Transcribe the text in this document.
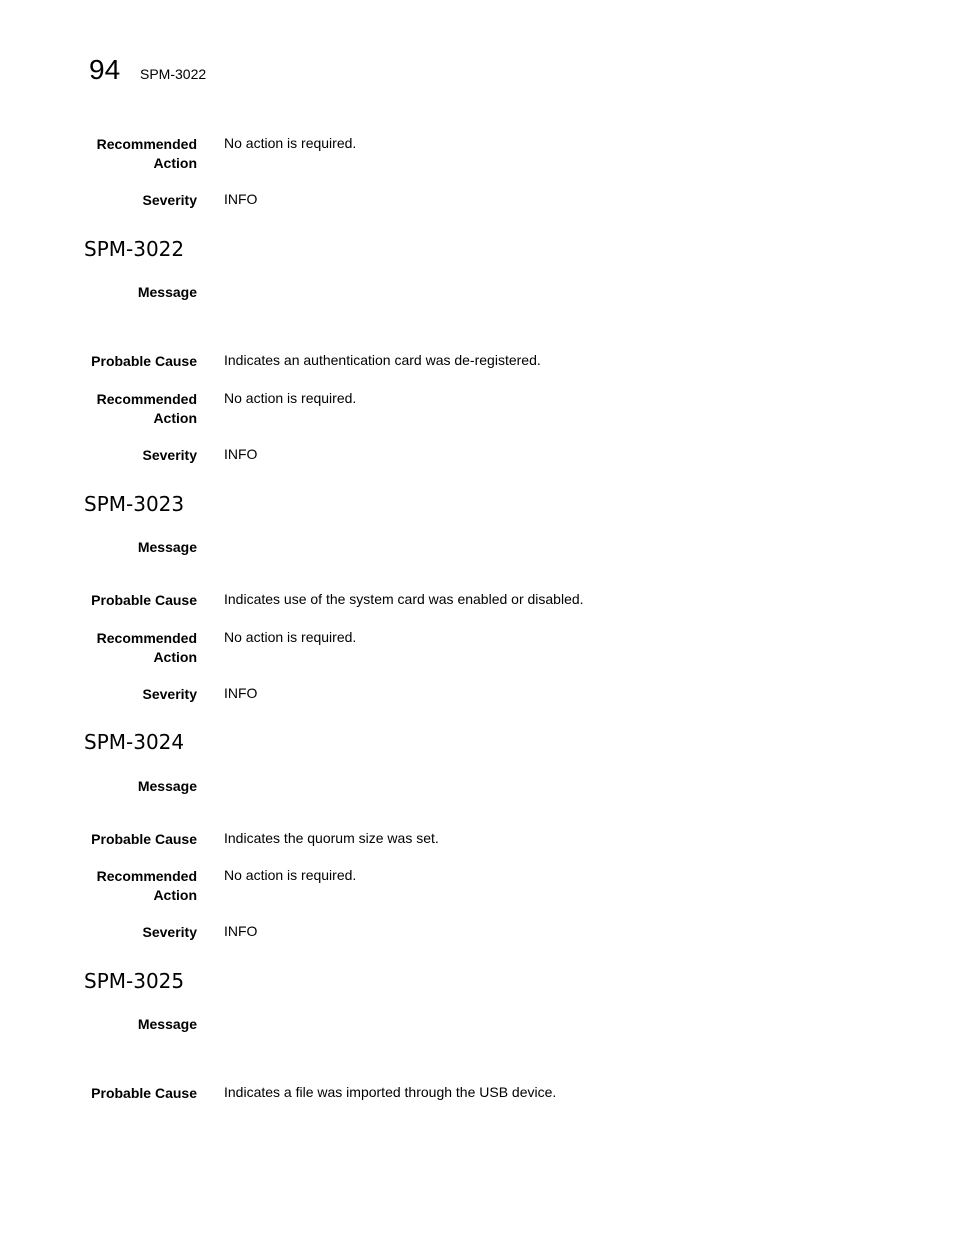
94 SPM-3022
Recommended
Action
No action is required.
Severity INFO
SPM-3022
Message
Probable Cause Indicates an authentication card was de-registered.
Recommended
Action
No action is required.
Severity INFO
SPM-3023
Message
Probable Cause Indicates use of the system card was enabled or disabled.
Recommended
Action
No action is required.
Severity INFO
SPM-3024
Message
Probable Cause Indicates the quorum size was set.
Recommended
Action
No action is required.
Severity INFO
SPM-3025
Message
Probable Cause Indicates a file was imported through the USB device.
